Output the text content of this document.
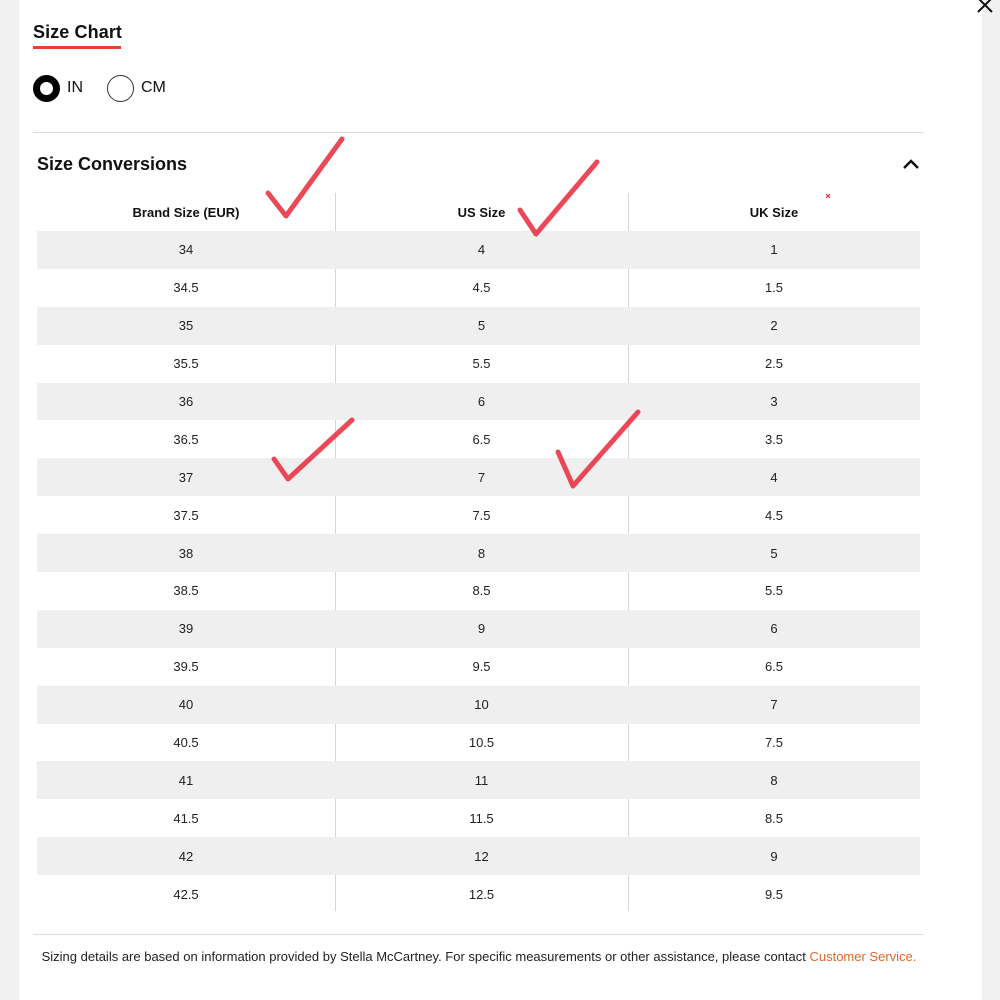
Size Chart
IN	CM
Size Conversions
Brand Size (EUR)	US Size	UK Size
34	4	1
34.5	4.5	1.5
35	5	2
35.5	5.5	2.5
36	6	3
36.5	6.5	3.5
37	7	4
37.5	7.5	4.5
38	8	5
38.5	8.5	5.5
39	9	6
39.5	9.5	6.5
40	10	7
40.5	10.5	7.5
41	11	8
41.5	11.5	8.5
42	12	9
42.5	12.5	9.5
Sizing details are based on information provided by Stella McCartney. For specific measurements or other assistance, please contact Customer Service.
